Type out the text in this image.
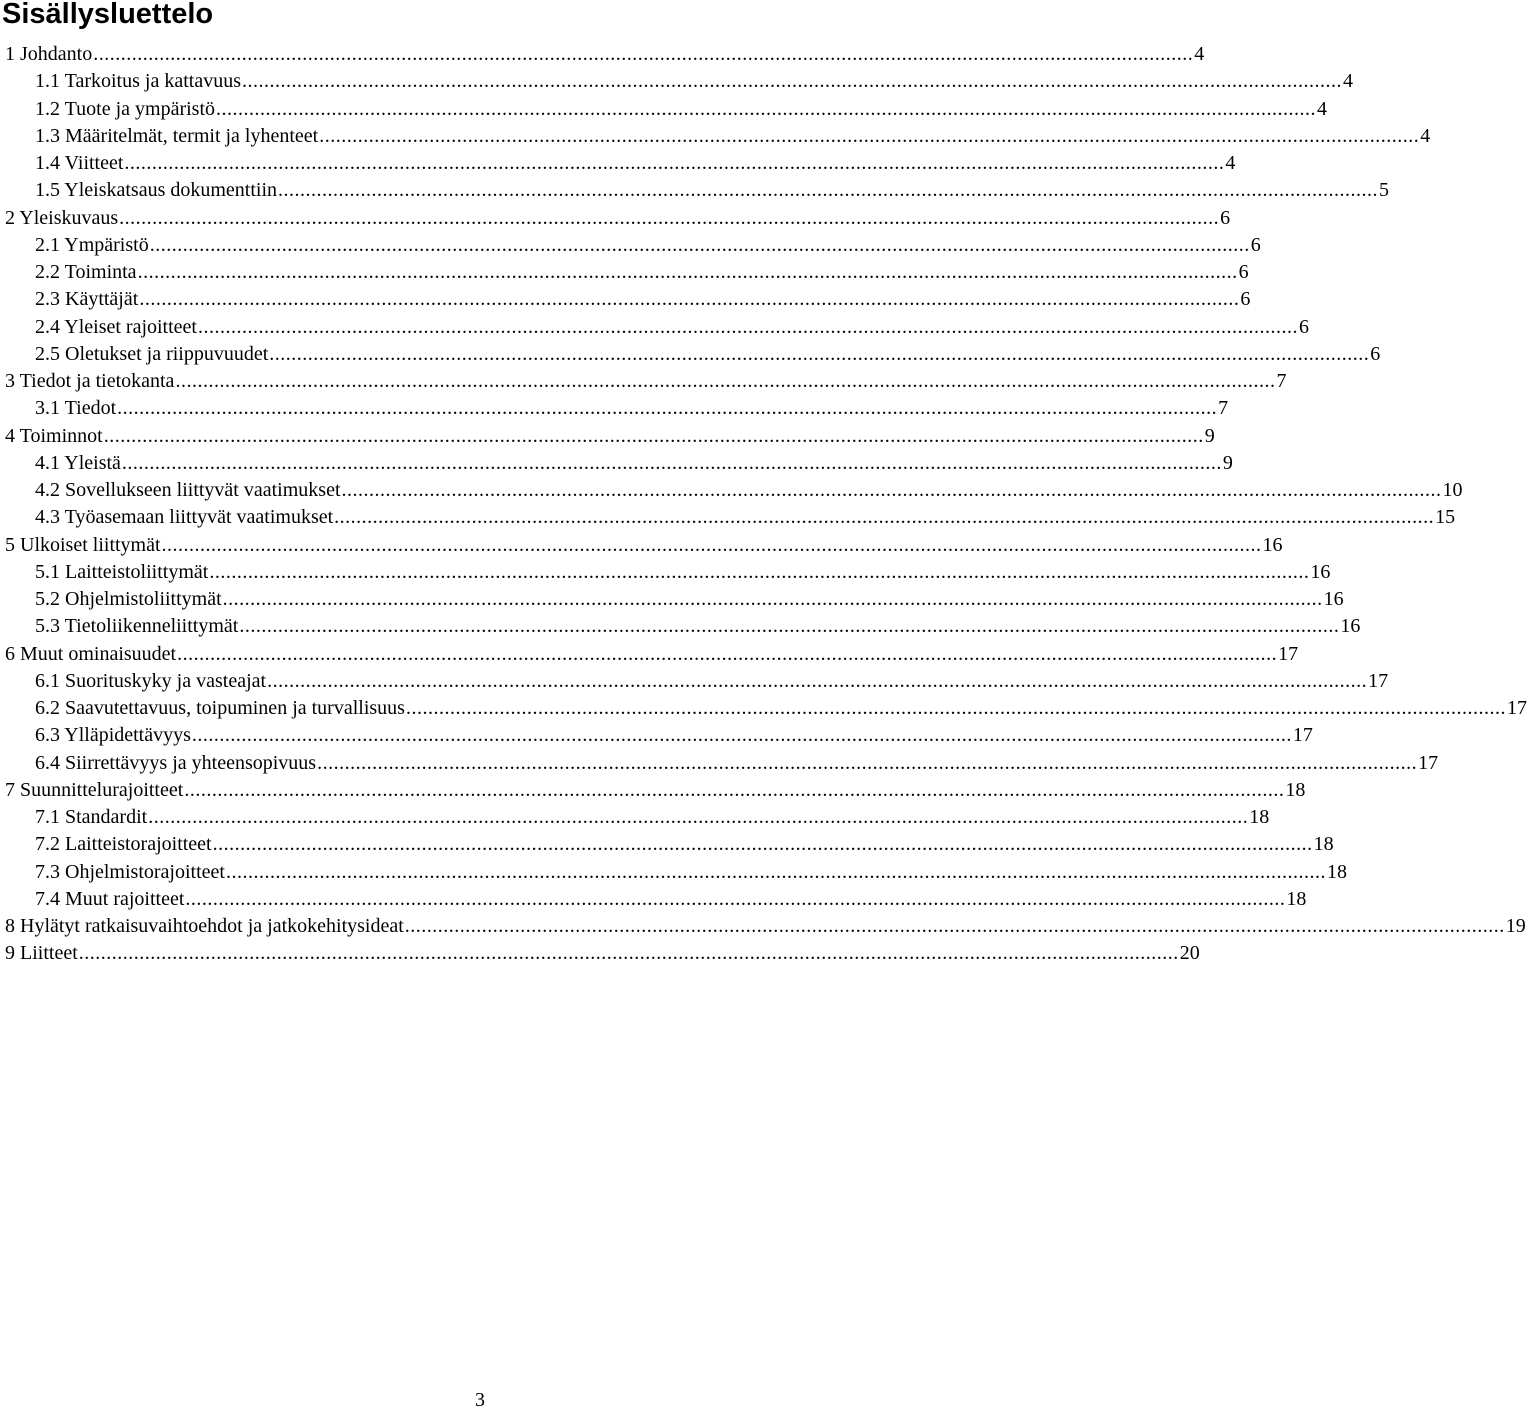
Sisällysluettelo
1 Johdanto ........................................................................................................................................................................................................ 4
1.1 Tarkoitus ja kattavuus ........................................................................................................................................................................................................ 4
1.2 Tuote ja ympäristö ........................................................................................................................................................................................................ 4
1.3 Määritelmät, termit ja lyhenteet ........................................................................................................................................................................................................ 4
1.4 Viitteet ........................................................................................................................................................................................................ 4
1.5 Yleiskatsaus dokumenttiin ........................................................................................................................................................................................................ 5
2 Yleiskuvaus ........................................................................................................................................................................................................ 6
2.1 Ympäristö ........................................................................................................................................................................................................ 6
2.2 Toiminta ........................................................................................................................................................................................................ 6
2.3 Käyttäjät ........................................................................................................................................................................................................ 6
2.4 Yleiset rajoitteet ........................................................................................................................................................................................................ 6
2.5 Oletukset ja riippuvuudet ........................................................................................................................................................................................................ 6
3 Tiedot ja tietokanta ........................................................................................................................................................................................................ 7
3.1 Tiedot ........................................................................................................................................................................................................ 7
4 Toiminnot ........................................................................................................................................................................................................ 9
4.1 Yleistä ........................................................................................................................................................................................................ 9
4.2 Sovellukseen liittyvät vaatimukset ........................................................................................................................................................................................................ 10
4.3 Työasemaan liittyvät vaatimukset ........................................................................................................................................................................................................ 15
5 Ulkoiset liittymät ........................................................................................................................................................................................................ 16
5.1 Laitteistoliittymät ........................................................................................................................................................................................................ 16
5.2 Ohjelmistoliittymät ........................................................................................................................................................................................................ 16
5.3 Tietoliikenneliittymät ........................................................................................................................................................................................................ 16
6 Muut ominaisuudet ........................................................................................................................................................................................................ 17
6.1 Suorituskyky ja vasteajat ........................................................................................................................................................................................................ 17
6.2 Saavutettavuus, toipuminen ja turvallisuus ........................................................................................................................................................................................................ 17
6.3 Ylläpidettävyys ........................................................................................................................................................................................................ 17
6.4 Siirrettävyys ja yhteensopivuus ........................................................................................................................................................................................................ 17
7 Suunnittelurajoitteet ........................................................................................................................................................................................................ 18
7.1 Standardit ........................................................................................................................................................................................................ 18
7.2 Laitteistorajoitteet ........................................................................................................................................................................................................ 18
7.3 Ohjelmistorajoitteet ........................................................................................................................................................................................................ 18
7.4 Muut rajoitteet ........................................................................................................................................................................................................ 18
8 Hylätyt ratkaisuvaihtoehdot ja jatkokehitysideat ........................................................................................................................................................................................................ 19
9 Liitteet ........................................................................................................................................................................................................ 20

3
